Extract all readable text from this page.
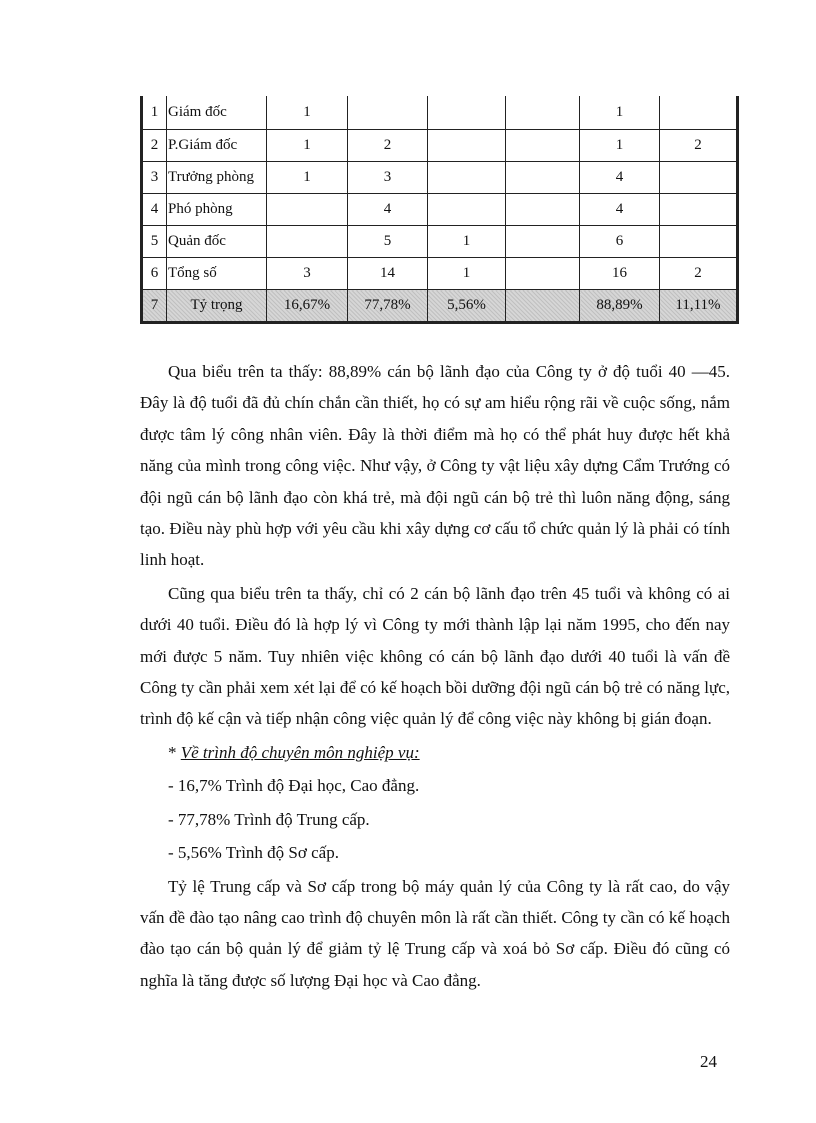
1	Giám đốc	1				1	
2	P.Giám đốc	1	2			1	2
3	Trưởng phòng	1	3			4	
4	Phó phòng		4			4	
5	Quản đốc		5	1		6	
6	Tổng số	3	14	1		16	2
7	Tỷ trọng	16,67%	77,78%	5,56%		88,89%	11,11%

Qua biểu trên ta thấy: 88,89% cán bộ lãnh đạo của Công ty ở độ tuổi 40 —45. Đây là độ tuổi đã đủ chín chắn cần thiết, họ có sự am hiểu rộng rãi về cuộc sống, nắm được tâm lý công nhân viên. Đây là thời điểm mà họ có thể phát huy được hết khả năng của mình trong công việc. Như vậy, ở Công ty vật liệu xây dựng Cẩm Trướng có đội ngũ cán bộ lãnh đạo còn khá trẻ, mà đội ngũ cán bộ trẻ thì luôn năng động, sáng tạo. Điều này phù hợp với yêu cầu khi xây dựng cơ cấu tổ chức quản lý là phải có tính linh hoạt.

Cũng qua biểu trên ta thấy, chỉ có 2 cán bộ lãnh đạo trên 45 tuổi và không có ai dưới 40 tuổi. Điều đó là hợp lý vì Công ty mới thành lập lại năm 1995, cho đến nay mới được 5 năm. Tuy nhiên việc không có cán bộ lãnh đạo dưới 40 tuổi là vấn đề Công ty cần phải xem xét lại để có kế hoạch bồi dưỡng đội ngũ cán bộ trẻ có năng lực, trình độ kế cận và tiếp nhận công việc quản lý để công việc này không bị gián đoạn.

* Về trình độ chuyên môn nghiệp vụ:

- 16,7% Trình độ Đại học, Cao đẳng.

- 77,78% Trình độ Trung cấp.

- 5,56% Trình độ Sơ cấp.

Tỷ lệ Trung cấp và Sơ cấp trong bộ máy quản lý của Công ty là rất cao, do vậy vấn đề đào tạo nâng cao trình độ chuyên môn là rất cần thiết. Công ty cần có kế hoạch đào tạo cán bộ quản lý để giảm tỷ lệ Trung cấp và xoá bỏ Sơ cấp. Điều đó cũng có nghĩa là tăng được số lượng Đại học và Cao đẳng.

24
